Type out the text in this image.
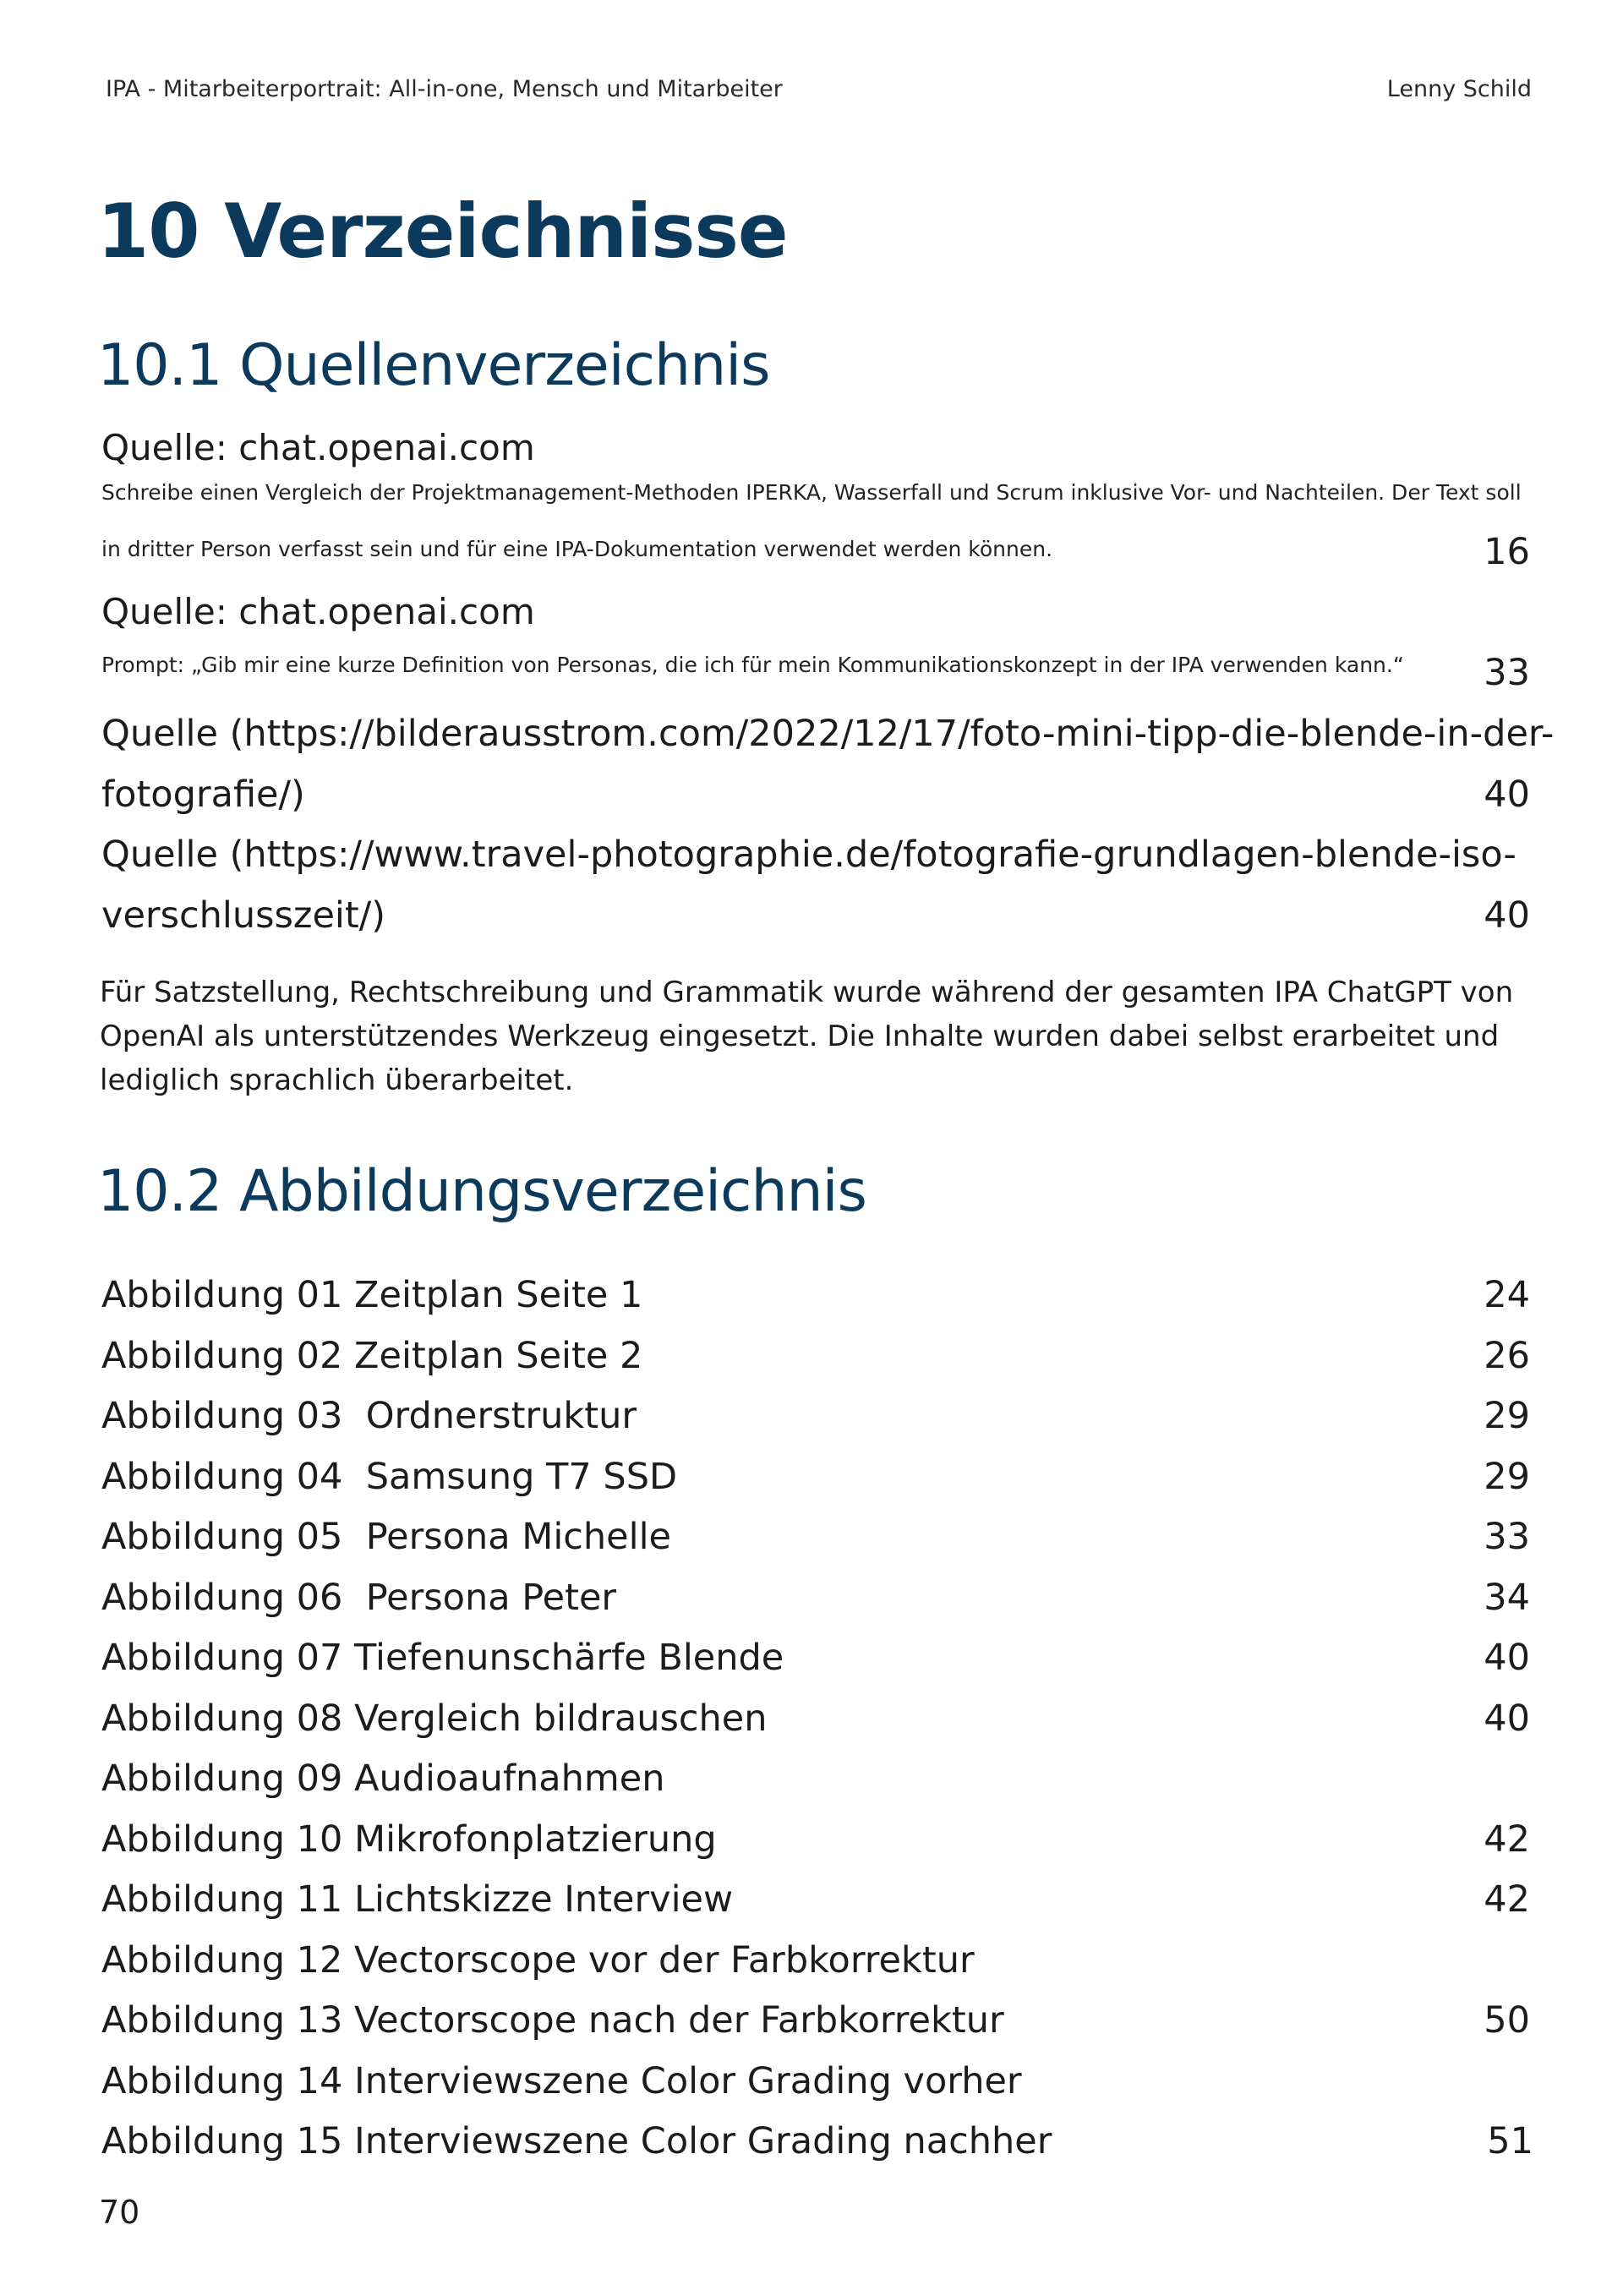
IPA - Mitarbeiterportrait: All-in-one, Mensch und Mitarbeiter	Lenny Schild
10 Verzeichnisse
10.1 Quellenverzeichnis
Quelle: chat.openai.com
Schreibe einen Vergleich der Projektmanagement-Methoden IPERKA, Wasserfall und Scrum inklusive Vor- und Nachteilen. Der Text soll
in dritter Person verfasst sein und für eine IPA-Dokumentation verwendet werden können.	16
Quelle: chat.openai.com
Prompt: „Gib mir eine kurze Definition von Personas, die ich für mein Kommunikationskonzept in der IPA verwenden kann.“	33
Quelle (https://bilderausstrom.com/2022/12/17/foto-mini-tipp-die-blende-in-der-
fotografie/)	40
Quelle (https://www.travel-photographie.de/fotografie-grundlagen-blende-iso-
verschlusszeit/)	40
Für Satzstellung, Rechtschreibung und Grammatik wurde während der gesamten IPA ChatGPT von OpenAI als unterstützendes Werkzeug eingesetzt. Die Inhalte wurden dabei selbst erarbeitet und lediglich sprachlich überarbeitet.
10.2 Abbildungsverzeichnis
Abbildung 01 Zeitplan Seite 1	24
Abbildung 02 Zeitplan Seite 2	26
Abbildung 03  Ordnerstruktur	29
Abbildung 04  Samsung T7 SSD	29
Abbildung 05  Persona Michelle	33
Abbildung 06  Persona Peter	34
Abbildung 07 Tiefenunschärfe Blende	40
Abbildung 08 Vergleich bildrauschen	40
Abbildung 09 Audioaufnahmen
Abbildung 10 Mikrofonplatzierung	42
Abbildung 11 Lichtskizze Interview	42
Abbildung 12 Vectorscope vor der Farbkorrektur
Abbildung 13 Vectorscope nach der Farbkorrektur	50
Abbildung 14 Interviewszene Color Grading vorher
Abbildung 15 Interviewszene Color Grading nachher	51
70
